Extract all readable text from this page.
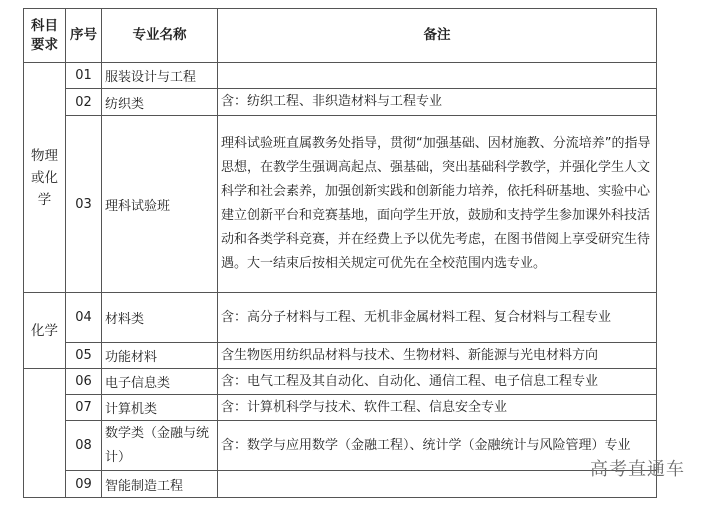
科目要求	序号	专业名称	备注
物理或化学	01	服装设计与工程	
	02	纺织类	含：纺织工程、非织造材料与工程专业
	03	理科试验班	理科试验班直属教务处指导，贯彻“加强基础、因材施教、分流培养”的指导思想，在教学生强调高起点、强基础，突出基础科学教学，并强化学生人文科学和社会素养，加强创新实践和创新能力培养，依托科研基地、实验中心建立创新平台和竞赛基地，面向学生开放，鼓励和支持学生参加课外科技活动和各类学科竞赛，并在经费上予以优先考虑，在图书借阅上享受研究生待遇。大一结束后按相关规定可优先在全校范围内选专业。
化学	04	材料类	含：高分子材料与工程、无机非金属材料工程、复合材料与工程专业
	05	功能材料	含生物医用纺织品材料与技术、生物材料、新能源与光电材料方向
	06	电子信息类	含：电气工程及其自动化、自动化、通信工程、电子信息工程专业
	07	计算机类	含：计算机科学与技术、软件工程、信息安全专业
	08	数学类（金融与统计）	含：数学与应用数学（金融工程）、统计学（金融统计与风险管理）专业
	09	智能制造工程	
高考直通车
